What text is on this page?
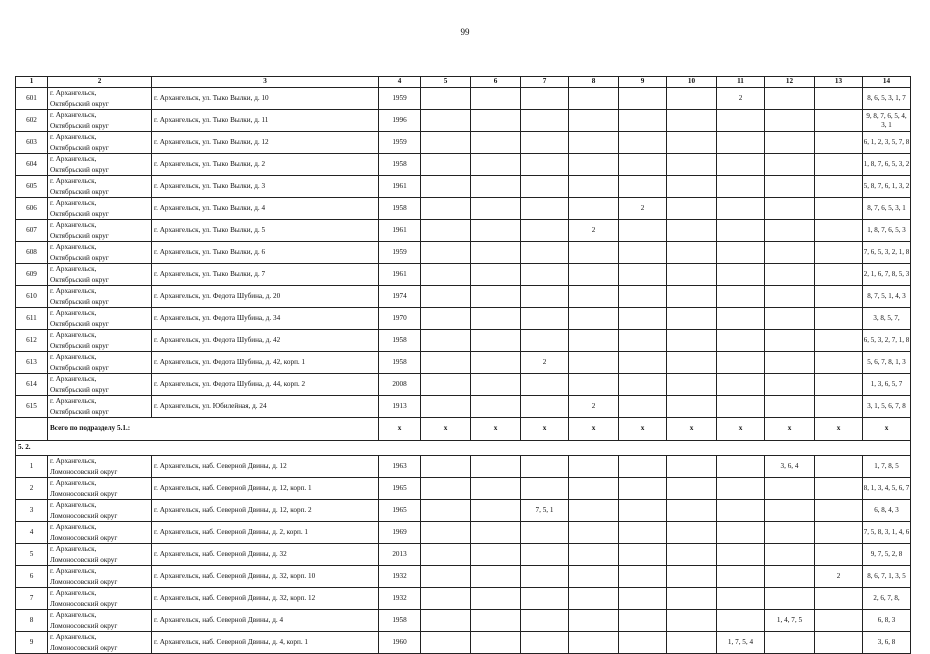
99
1	2	3	4	5	6	7	8	9	10	11	12	13	14
601	г. Архангельск,
Октябрьский округ	г. Архангельск, ул. Тыко Вылки, д. 10	1959							2			8, 6, 5, 3, 1, 7
602	г. Архангельск,
Октябрьский округ	г. Архангельск, ул. Тыко Вылки, д. 11	1996										9, 8, 7, 6, 5, 4, 3, 1
603	г. Архангельск,
Октябрьский округ	г. Архангельск, ул. Тыко Вылки, д. 12	1959										6, 1, 2, 3, 5, 7, 8
604	г. Архангельск,
Октябрьский округ	г. Архангельск, ул. Тыко Вылки, д. 2	1958										1, 8, 7, 6, 5, 3, 2
605	г. Архангельск,
Октябрьский округ	г. Архангельск, ул. Тыко Вылки, д. 3	1961										5, 8, 7, 6, 1, 3, 2
606	г. Архангельск,
Октябрьский округ	г. Архангельск, ул. Тыко Вылки, д. 4	1958					2					8, 7, 6, 5, 3, 1
607	г. Архангельск,
Октябрьский округ	г. Архангельск, ул. Тыко Вылки, д. 5	1961				2						1, 8, 7, 6, 5, 3
608	г. Архангельск,
Октябрьский округ	г. Архангельск, ул. Тыко Вылки, д. 6	1959										7, 6, 5, 3, 2, 1, 8
609	г. Архангельск,
Октябрьский округ	г. Архангельск, ул. Тыко Вылки, д. 7	1961										2, 1, 6, 7, 8, 5, 3
610	г. Архангельск,
Октябрьский округ	г. Архангельск, ул. Федота Шубина, д. 20	1974										8, 7, 5, 1, 4, 3
611	г. Архангельск,
Октябрьский округ	г. Архангельск, ул. Федота Шубина, д. 34	1970										3, 8, 5, 7,
612	г. Архангельск,
Октябрьский округ	г. Архангельск, ул. Федота Шубина, д. 42	1958										6, 5, 3, 2, 7, 1, 8
613	г. Архангельск,
Октябрьский округ	г. Архангельск, ул. Федота Шубина, д. 42, корп. 1	1958			2							5, 6, 7, 8, 1, 3
614	г. Архангельск,
Октябрьский округ	г. Архангельск, ул. Федота Шубина, д. 44, корп. 2	2008										1, 3, 6, 5, 7
615	г. Архангельск,
Октябрьский округ	г. Архангельск, ул. Юбилейная, д. 24	1913				2						3, 1, 5, 6, 7, 8
	Всего по подразделу 5.1.:		x	x	x	x	x	x	x	x	x	x	x
5. 2.													
1	г. Архангельск,
Ломоносовский округ	г. Архангельск, наб. Северной Двины, д. 12	1963								3, 6, 4		1, 7, 8, 5
2	г. Архангельск,
Ломоносовский округ	г. Архангельск, наб. Северной Двины, д. 12, корп. 1	1965										8, 1, 3, 4, 5, 6, 7
3	г. Архангельск,
Ломоносовский округ	г. Архангельск, наб. Северной Двины, д. 12, корп. 2	1965			7, 5, 1							6, 8, 4, 3
4	г. Архангельск,
Ломоносовский округ	г. Архангельск, наб. Северной Двины, д. 2, корп. 1	1969										7, 5, 8, 3, 1, 4, 6
5	г. Архангельск,
Ломоносовский округ	г. Архангельск, наб. Северной Двины, д. 32	2013										9, 7, 5, 2, 8
6	г. Архангельск,
Ломоносовский округ	г. Архангельск, наб. Северной Двины, д. 32, корп. 10	1932									2	8, 6, 7, 1, 3, 5
7	г. Архангельск,
Ломоносовский округ	г. Архангельск, наб. Северной Двины, д. 32, корп. 12	1932										2, 6, 7, 8,
8	г. Архангельск,
Ломоносовский округ	г. Архангельск, наб. Северной Двины, д. 4	1958								1, 4, 7, 5		6, 8, 3
9	г. Архангельск,
Ломоносовский округ	г. Архангельск, наб. Северной Двины, д. 4, корп. 1	1960							1, 7, 5, 4			3, 6, 8
